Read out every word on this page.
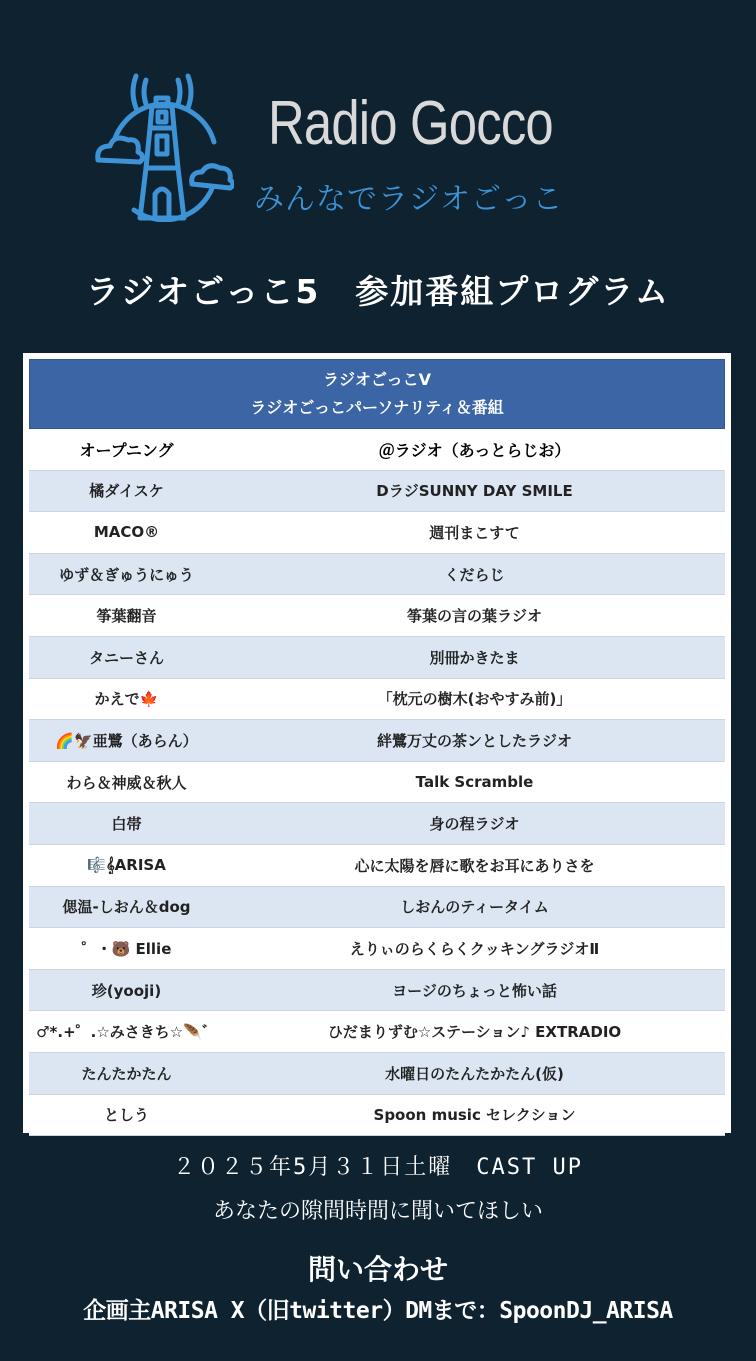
Radio Gocco
みんなでラジオごっこ
ラジオごっこ5　参加番組プログラム
ラジオごっこV
ラジオごっこパーソナリティ＆番組
オープニング	＠ラジオ（あっとらじお）
橘ダイスケ	DラジSUNNY DAY SMILE
MACO®	週刊まこすて
ゆず＆ぎゅうにゅう	くだらじ
筝葉翻音	筝葉の言の葉ラジオ
タニーさん	別冊かきたま
かえで🍁	「枕元の樹木(おやすみ前)」
🌈🦅亜鷺（あらん）	絆鷺万丈の茶ンとしたラジオ
わら＆神威＆秋人	Talk Scramble
白帯	身の程ラジオ
🎼𝄞ARISA	心に太陽を唇に歌をお耳にありさを
偲温-しおん＆dog	しおんのティータイム
゜・🐻 Ellie	えりぃのらくらくクッキングラジオⅡ
珍(yooji)	ヨージのちょっと怖い話
♂*.+゜.☆みさきち☆🪶゛	ひだまりずむ☆ステーション♪ EXTRADIO
たんたかたん	水曜日のたんたかたん(仮)
としう	Spoon music セレクション
２０２５年5月３１日土曜　CAST UP
あなたの隙間時間に聞いてほしい
問い合わせ
企画主ARISA X（旧twitter）DMまで：SpoonDJ_ARISA
